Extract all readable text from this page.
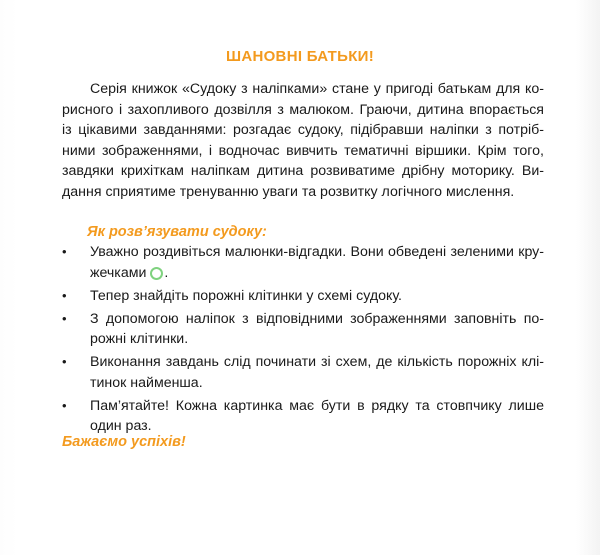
ШАНОВНІ БАТЬКИ!
Серія книжок «Судоку з наліпками» стане у пригоді батькам для ко-
рисного і захопливого дозвілля з малюком. Граючи, дитина впорається
із цікавими завданнями: розгадає судоку, підібравши наліпки з потріб-
ними зображеннями, і водночас вивчить тематичні віршики. Крім того,
завдяки крихіткам наліпкам дитина розвиватиме дрібну моторику. Ви-
дання сприятиме тренуванню уваги та розвитку логічного мислення.
Як розв’язувати судоку:
• Уважно роздивіться малюнки-відгадки. Вони обведені зеленими кру-
жечками .
• Тепер знайдіть порожні клітинки у схемі судоку.
• З допомогою наліпок з відповідними зображеннями заповніть по-
рожні клітинки.
• Виконання завдань слід починати зі схем, де кількість порожніх клі-
тинок найменша.
• Пам’ятайте! Кожна картинка має бути в рядку та стовпчику лише
один раз.
Бажаємо успіхів!
